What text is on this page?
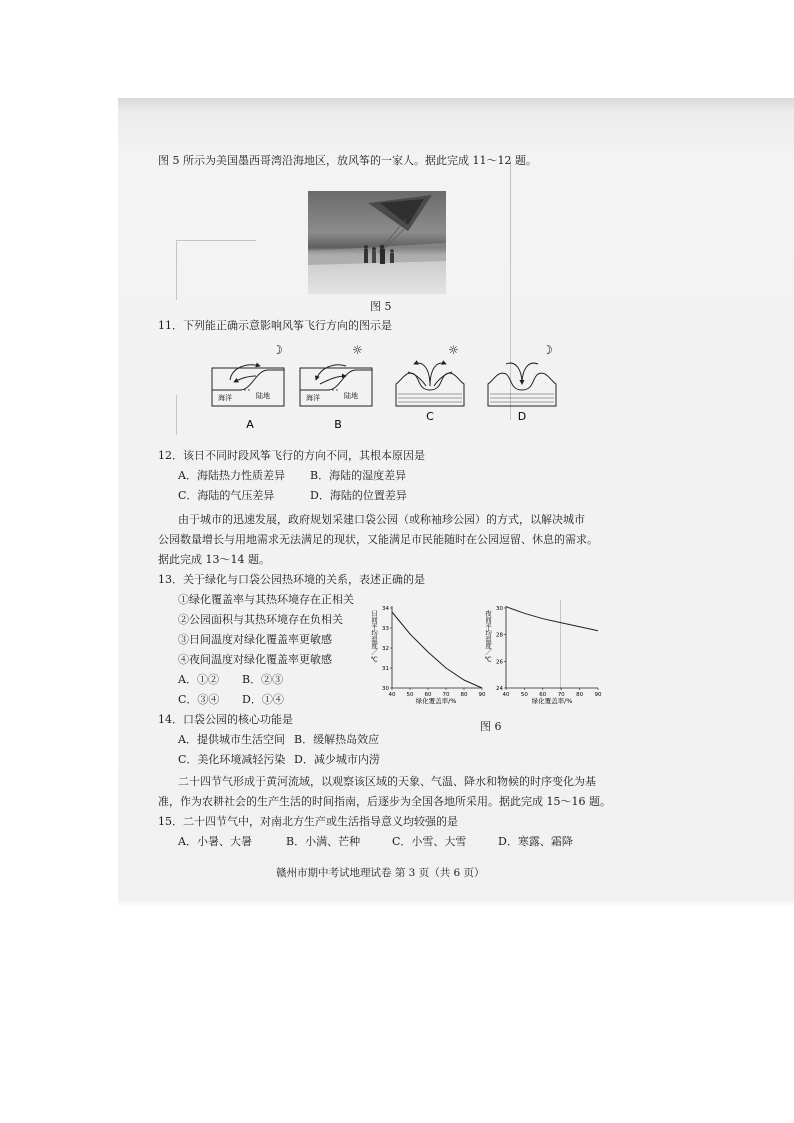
图 5 所示为美国墨西哥湾沿海地区，放风筝的一家人。据此完成 11～12 题。
图 5
11．下列能正确示意影响风筝飞行方向的图示是
海洋	陆地
☽
海洋	陆地
☼	☼	☽
A	B
C	D
12．该日不同时段风筝飞行的方向不同，其根本原因是
A．海陆热力性质差异 B．海陆的湿度差异
C．海陆的气压差异	D．海陆的位置差异
由于城市的迅速发展，政府规划采建口袋公园（或称袖珍公园）的方式，以解决城市
公园数量增长与用地需求无法满足的现状，又能满足市民能随时在公园逗留、休息的需求。
据此完成 13～14 题。
13．关于绿化与口袋公园热环境的关系，表述正确的是
①绿化覆盖率与其热环境存在正相关
②公园面积与其热环境存在负相关
③日间温度对绿化覆盖率更敏感
④夜间温度对绿化覆盖率更敏感
A．①② B．②③
C．③④ D．①④
日间平均温度／℃
40 50 60 70 80 90
30
31
32
33
34
绿化覆盖率/%
夜间平均温度／℃
40 50 60 70 80 90
24
26
28
30
绿化覆盖率/%
图 6
14．口袋公园的核心功能是
A．提供城市生活空间 B．缓解热岛效应
C．美化环境减轻污染 D．减少城市内涝
二十四节气形成于黄河流域，以观察该区域的天象、气温、降水和物候的时序变化为基
准，作为农耕社会的生产生活的时间指南，后逐步为全国各地所采用。据此完成 15～16 题。
15．二十四节气中，对南北方生产或生活指导意义均较强的是
A．小暑、大暑	B．小满、芒种	C．小雪、大雪	D．寒露、霜降
赣州市期中考试地理试卷 第 3 页（共 6 页）
